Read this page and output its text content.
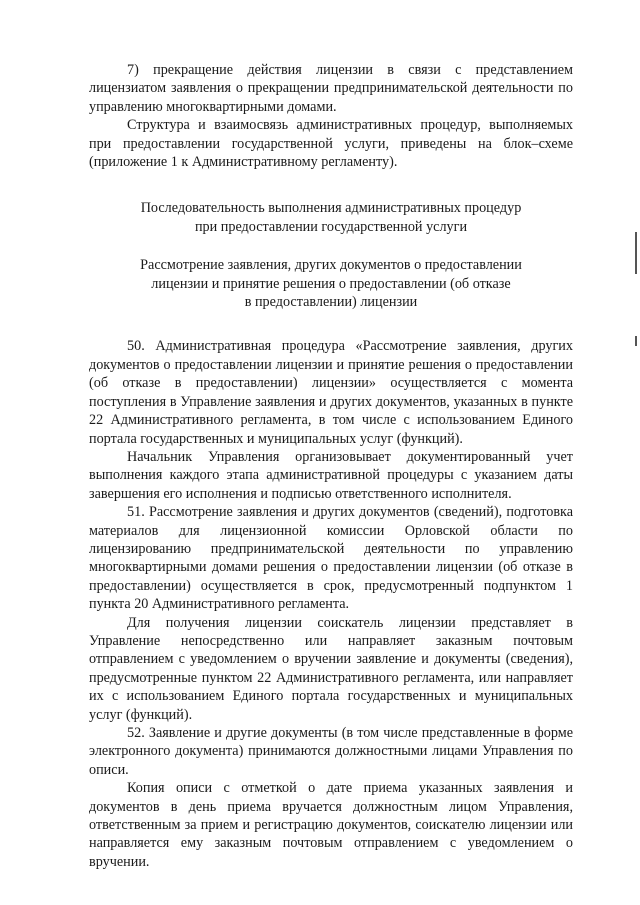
7) прекращение действия лицензии в связи с представлением лицензиатом заявления о прекращении предпринимательской деятельности по управлению многоквартирными домами.

Структура и взаимосвязь административных процедур, выполняемых при предоставлении государственной услуги, приведены на блок–схеме (приложение 1 к Административному регламенту).

Последовательность выполнения административных процедур

при предоставлении государственной услуги

Рассмотрение заявления, других документов о предоставлении

лицензии и принятие решения о предоставлении (об отказе

в предоставлении) лицензии

50. Административная процедура «Рассмотрение заявления, других документов о предоставлении лицензии и принятие решения о предоставлении (об отказе в предоставлении) лицензии» осуществляется с момента поступления в Управление заявления и других документов, указанных в пункте 22 Административного регламента, в том числе с использованием Единого портала государственных и муниципальных услуг (функций).

Начальник Управления организовывает документированный учет выполнения каждого этапа административной процедуры с указанием даты завершения его исполнения и подписью ответственного исполнителя.

51. Рассмотрение заявления и других документов (сведений), подготовка материалов для лицензионной комиссии Орловской области по лицензированию предпринимательской деятельности по управлению многоквартирными домами решения о предоставлении лицензии (об отказе в предоставлении) осуществляется в срок, предусмотренный подпунктом 1 пункта 20 Административного регламента.

Для получения лицензии соискатель лицензии представляет в Управление непосредственно или направляет заказным почтовым отправлением с уведомлением о вручении заявление и документы (сведения), предусмотренные пунктом 22 Административного регламента, или направляет их с использованием Единого портала государственных и муниципальных услуг (функций).

52. Заявление и другие документы (в том числе представленные в форме электронного документа) принимаются должностными лицами Управления по описи.

Копия описи с отметкой о дате приема указанных заявления и документов в день приема вручается должностным лицом Управления, ответственным за прием и регистрацию документов, соискателю лицензии или направляется ему заказным почтовым отправлением с уведомлением о вручении.
